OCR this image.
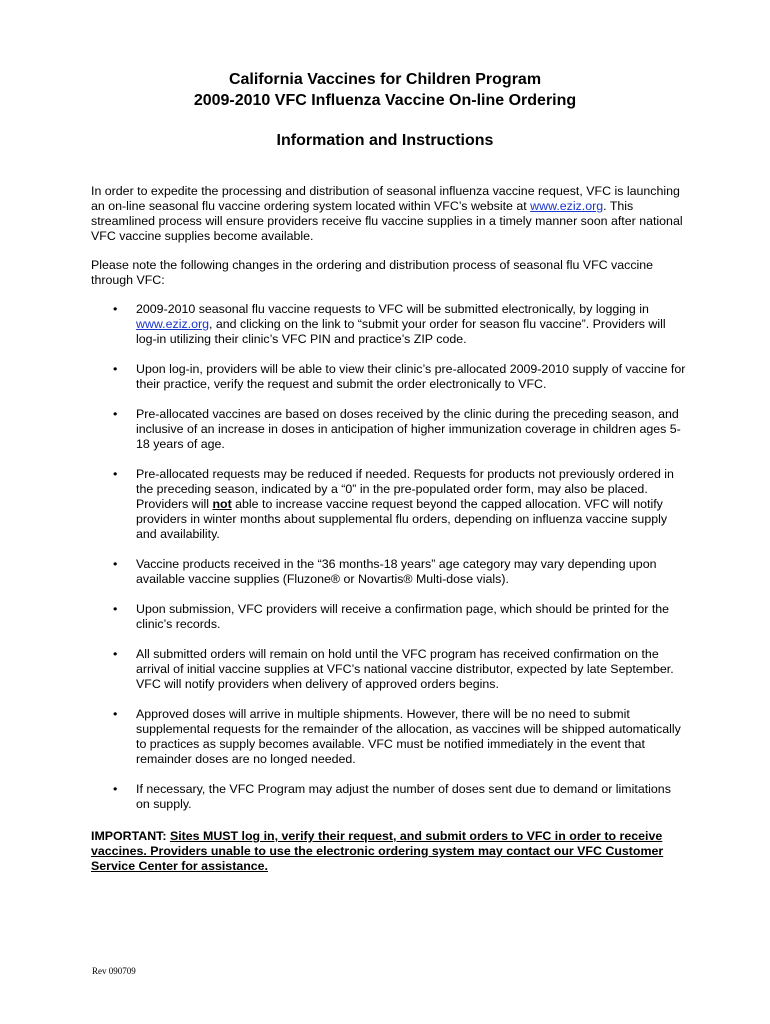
California Vaccines for Children Program
2009-2010 VFC Influenza Vaccine On-line Ordering
Information and Instructions

In order to expedite the processing and distribution of seasonal influenza vaccine request, VFC is launching an on-line seasonal flu vaccine ordering system located within VFC’s website at www.eziz.org. This streamlined process will ensure providers receive flu vaccine supplies in a timely manner soon after national VFC vaccine supplies become available.

Please note the following changes in the ordering and distribution process of seasonal flu VFC vaccine through VFC:

• 2009-2010 seasonal flu vaccine requests to VFC will be submitted electronically, by logging in www.eziz.org, and clicking on the link to “submit your order for season flu vaccine”. Providers will log-in utilizing their clinic’s VFC PIN and practice’s ZIP code.
• Upon log-in, providers will be able to view their clinic’s pre-allocated 2009-2010 supply of vaccine for their practice, verify the request and submit the order electronically to VFC.
• Pre-allocated vaccines are based on doses received by the clinic during the preceding season, and inclusive of an increase in doses in anticipation of higher immunization coverage in children ages 5-18 years of age.
• Pre-allocated requests may be reduced if needed. Requests for products not previously ordered in the preceding season, indicated by a “0” in the pre-populated order form, may also be placed. Providers will not able to increase vaccine request beyond the capped allocation. VFC will notify providers in winter months about supplemental flu orders, depending on influenza vaccine supply and availability.
• Vaccine products received in the “36 months-18 years” age category may vary depending upon available vaccine supplies (Fluzone® or Novartis® Multi-dose vials).
• Upon submission, VFC providers will receive a confirmation page, which should be printed for the clinic’s records.
• All submitted orders will remain on hold until the VFC program has received confirmation on the arrival of initial vaccine supplies at VFC’s national vaccine distributor, expected by late September. VFC will notify providers when delivery of approved orders begins.
• Approved doses will arrive in multiple shipments. However, there will be no need to submit supplemental requests for the remainder of the allocation, as vaccines will be shipped automatically to practices as supply becomes available. VFC must be notified immediately in the event that remainder doses are no longed needed.
• If necessary, the VFC Program may adjust the number of doses sent due to demand or limitations on supply.

IMPORTANT: Sites MUST log in, verify their request, and submit orders to VFC in order to receive vaccines. Providers unable to use the electronic ordering system may contact our VFC Customer Service Center for assistance.

Rev 090709
